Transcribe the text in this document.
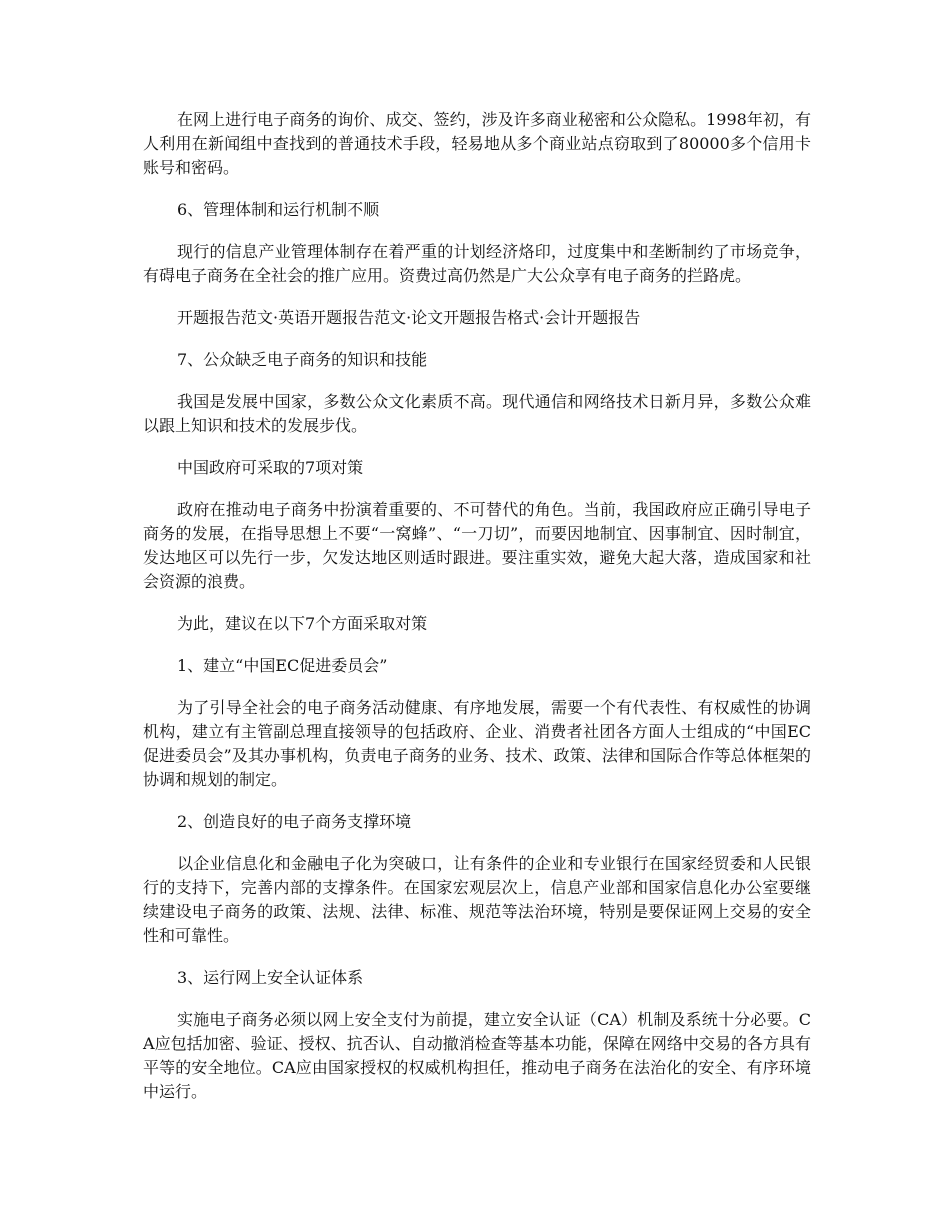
在网上进行电子商务的询价、成交、签约，涉及许多商业秘密和公众隐私。1998年初，有人利用在新闻组中查找到的普通技术手段，轻易地从多个商业站点窃取到了80000多个信用卡账号和密码。

6、管理体制和运行机制不顺

现行的信息产业管理体制存在着严重的计划经济烙印，过度集中和垄断制约了市场竞争，有碍电子商务在全社会的推广应用。资费过高仍然是广大公众享有电子商务的拦路虎。

开题报告范文·英语开题报告范文·论文开题报告格式·会计开题报告

7、公众缺乏电子商务的知识和技能

我国是发展中国家，多数公众文化素质不高。现代通信和网络技术日新月异，多数公众难以跟上知识和技术的发展步伐。

中国政府可采取的7项对策

政府在推动电子商务中扮演着重要的、不可替代的角色。当前，我国政府应正确引导电子商务的发展，在指导思想上不要“一窝蜂”、“一刀切”，而要因地制宜、因事制宜、因时制宜，发达地区可以先行一步，欠发达地区则适时跟进。要注重实效，避免大起大落，造成国家和社会资源的浪费。

为此，建议在以下7个方面采取对策

1、建立“中国EC促进委员会”

为了引导全社会的电子商务活动健康、有序地发展，需要一个有代表性、有权威性的协调机构，建立有主管副总理直接领导的包括政府、企业、消费者社团各方面人士组成的“中国EC促进委员会”及其办事机构，负责电子商务的业务、技术、政策、法律和国际合作等总体框架的协调和规划的制定。

2、创造良好的电子商务支撑环境

以企业信息化和金融电子化为突破口，让有条件的企业和专业银行在国家经贸委和人民银行的支持下，完善内部的支撑条件。在国家宏观层次上，信息产业部和国家信息化办公室要继续建设电子商务的政策、法规、法律、标准、规范等法治环境，特别是要保证网上交易的安全性和可靠性。

3、运行网上安全认证体系

实施电子商务必须以网上安全支付为前提，建立安全认证（CA）机制及系统十分必要。CA应包括加密、验证、授权、抗否认、自动撤消检查等基本功能，保障在网络中交易的各方具有平等的安全地位。CA应由国家授权的权威机构担任，推动电子商务在法治化的安全、有序环境中运行。
